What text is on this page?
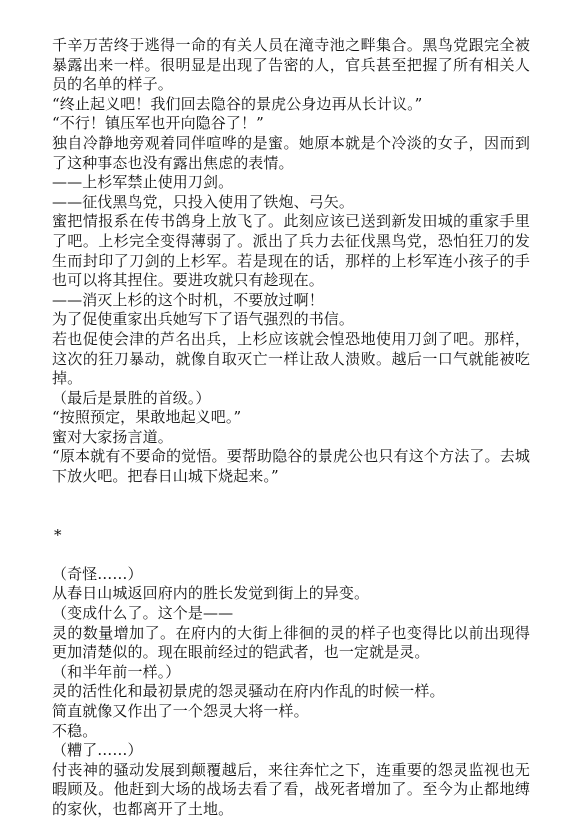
千辛万苦终于逃得一命的有关人员在滝寺池之畔集合。黑鸟党跟完全被暴露出来一样。很明显是出现了告密的人，官兵甚至把握了所有相关人员的名单的样子。

“终止起义吧！我们回去隐谷的景虎公身边再从长计议。”

“不行！镇压军也开向隐谷了！”

独自冷静地旁观着同伴喧哗的是蜜。她原本就是个冷淡的女子，因而到了这种事态也没有露出焦虑的表情。

——上杉军禁止使用刀剑。

——征伐黑鸟党，只投入使用了铁炮、弓矢。

蜜把情报系在传书鸽身上放飞了。此刻应该已送到新发田城的重家手里了吧。上杉完全变得薄弱了。派出了兵力去征伐黑鸟党，恐怕狂刀的发生而封印了刀剑的上杉军。若是现在的话，那样的上杉军连小孩子的手也可以将其捏住。要进攻就只有趁现在。

——消灭上杉的这个时机，不要放过啊！

为了促使重家出兵她写下了语气强烈的书信。

若也促使会津的芦名出兵，上杉应该就会惶恐地使用刀剑了吧。那样，这次的狂刀暴动，就像自取灭亡一样让敌人溃败。越后一口气就能被吃掉。

（最后是景胜的首级。）

“按照预定，果敢地起义吧。”

蜜对大家扬言道。

“原本就有不要命的觉悟。要帮助隐谷的景虎公也只有这个方法了。去城下放火吧。把春日山城下烧起来。”

*

（奇怪……）

从春日山城返回府内的胜长发觉到街上的异变。

（变成什么了。这个是——

灵的数量增加了。在府内的大街上徘徊的灵的样子也变得比以前出现得更加清楚似的。现在眼前经过的铠武者，也一定就是灵。

（和半年前一样。）

灵的活性化和最初景虎的怨灵骚动在府内作乱的时候一样。

简直就像又作出了一个怨灵大将一样。

不稳。

（糟了……）

付丧神的骚动发展到颠覆越后，来往奔忙之下，连重要的怨灵监视也无暇顾及。他赶到大场的战场去看了看，战死者增加了。至今为止都地缚的家伙，也都离开了土地。
